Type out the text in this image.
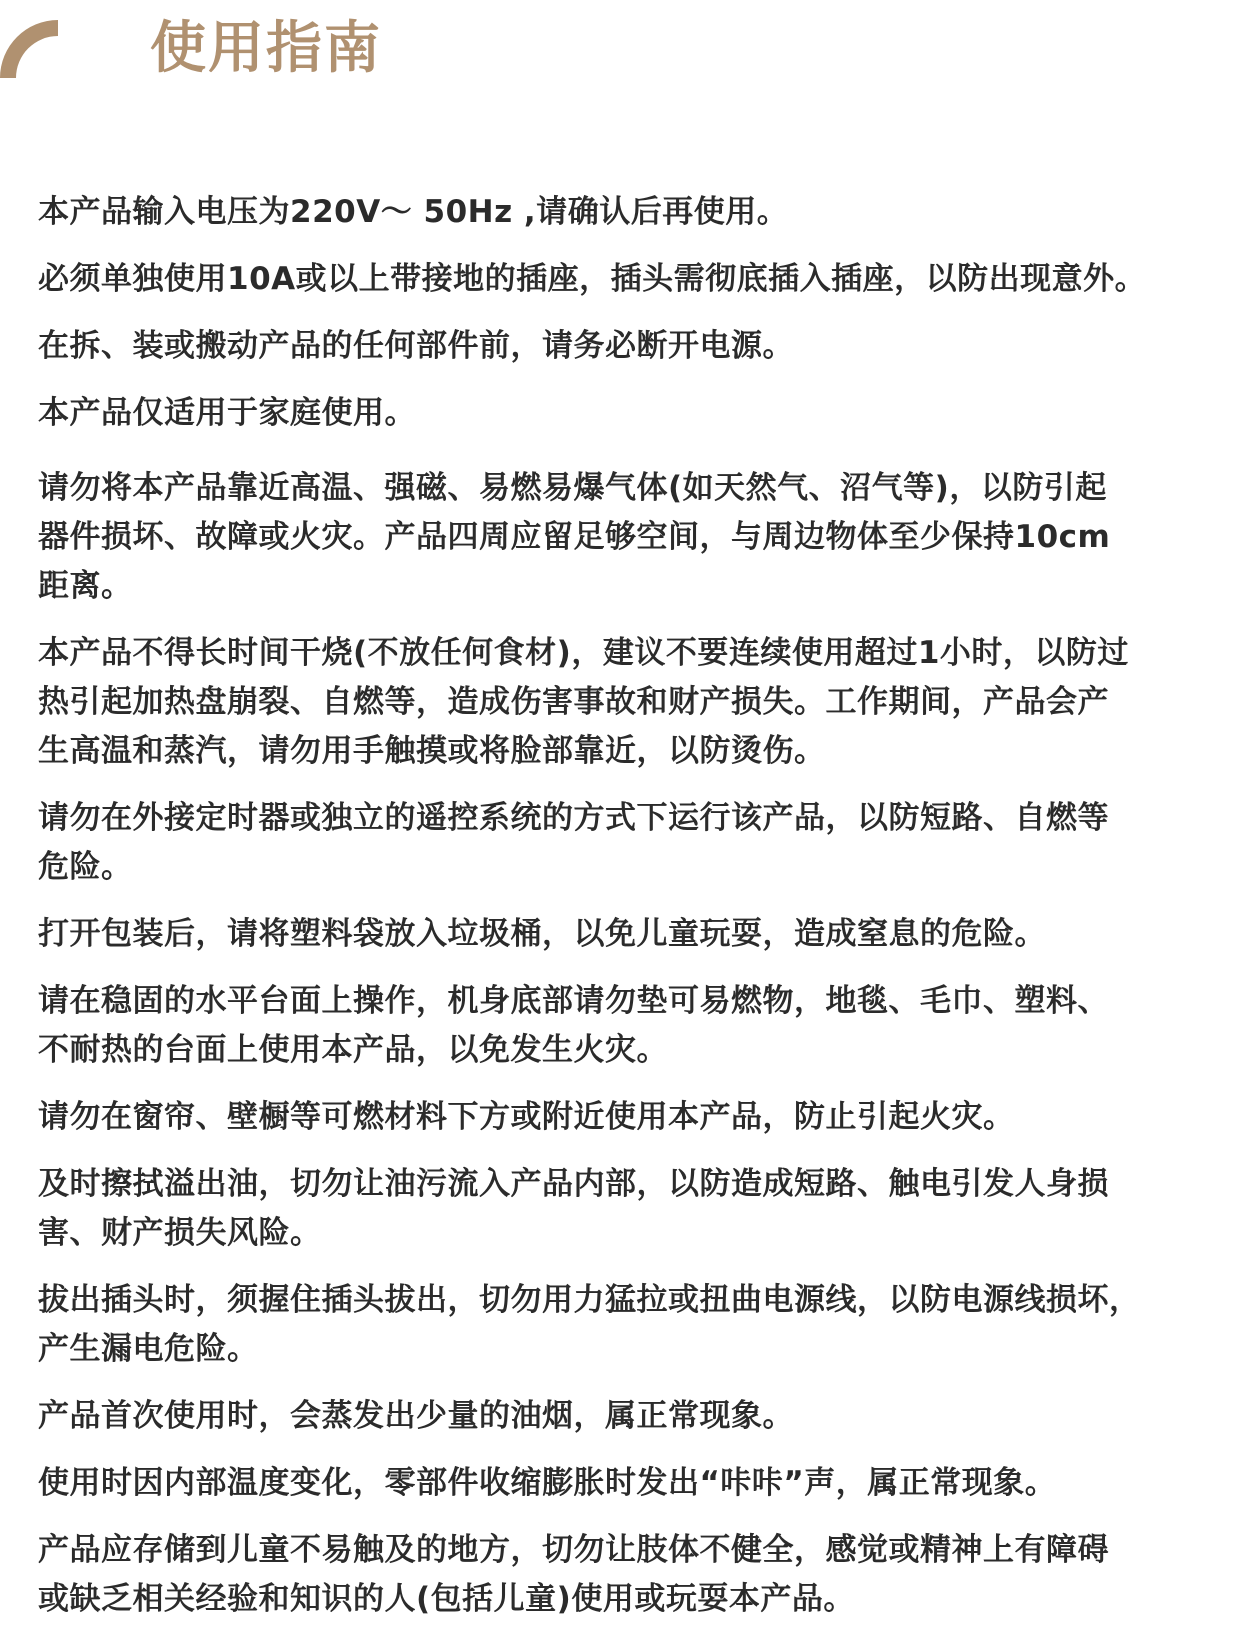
使用指南

本产品输入电压为220V～ 50Hz ,请确认后再使用。

必须单独使用10A或以上带接地的插座，插头需彻底插入插座，以防出现意外。

在拆、装或搬动产品的任何部件前，请务必断开电源。

本产品仅适用于家庭使用。

请勿将本产品靠近高温、强磁、易燃易爆气体(如天然气、沼气等)，以防引起
器件损坏、故障或火灾。产品四周应留足够空间，与周边物体至少保持10cm
距离。

本产品不得长时间干烧(不放任何食材)，建议不要连续使用超过1小时，以防过
热引起加热盘崩裂、自燃等，造成伤害事故和财产损失。工作期间，产品会产
生高温和蒸汽，请勿用手触摸或将脸部靠近，以防烫伤。

请勿在外接定时器或独立的遥控系统的方式下运行该产品，以防短路、自燃等
危险。

打开包装后，请将塑料袋放入垃圾桶，以免儿童玩耍，造成窒息的危险。

请在稳固的水平台面上操作，机身底部请勿垫可易燃物，地毯、毛巾、塑料、
不耐热的台面上使用本产品，以免发生火灾。

请勿在窗帘、壁橱等可燃材料下方或附近使用本产品，防止引起火灾。

及时擦拭溢出油，切勿让油污流入产品内部，以防造成短路、触电引发人身损
害、财产损失风险。

拔出插头时，须握住插头拔出，切勿用力猛拉或扭曲电源线，以防电源线损坏，
产生漏电危险。

产品首次使用时，会蒸发出少量的油烟，属正常现象。

使用时因内部温度变化，零部件收缩膨胀时发出“咔咔”声，属正常现象。

产品应存储到儿童不易触及的地方，切勿让肢体不健全，感觉或精神上有障碍
或缺乏相关经验和知识的人(包括儿童)使用或玩耍本产品。
